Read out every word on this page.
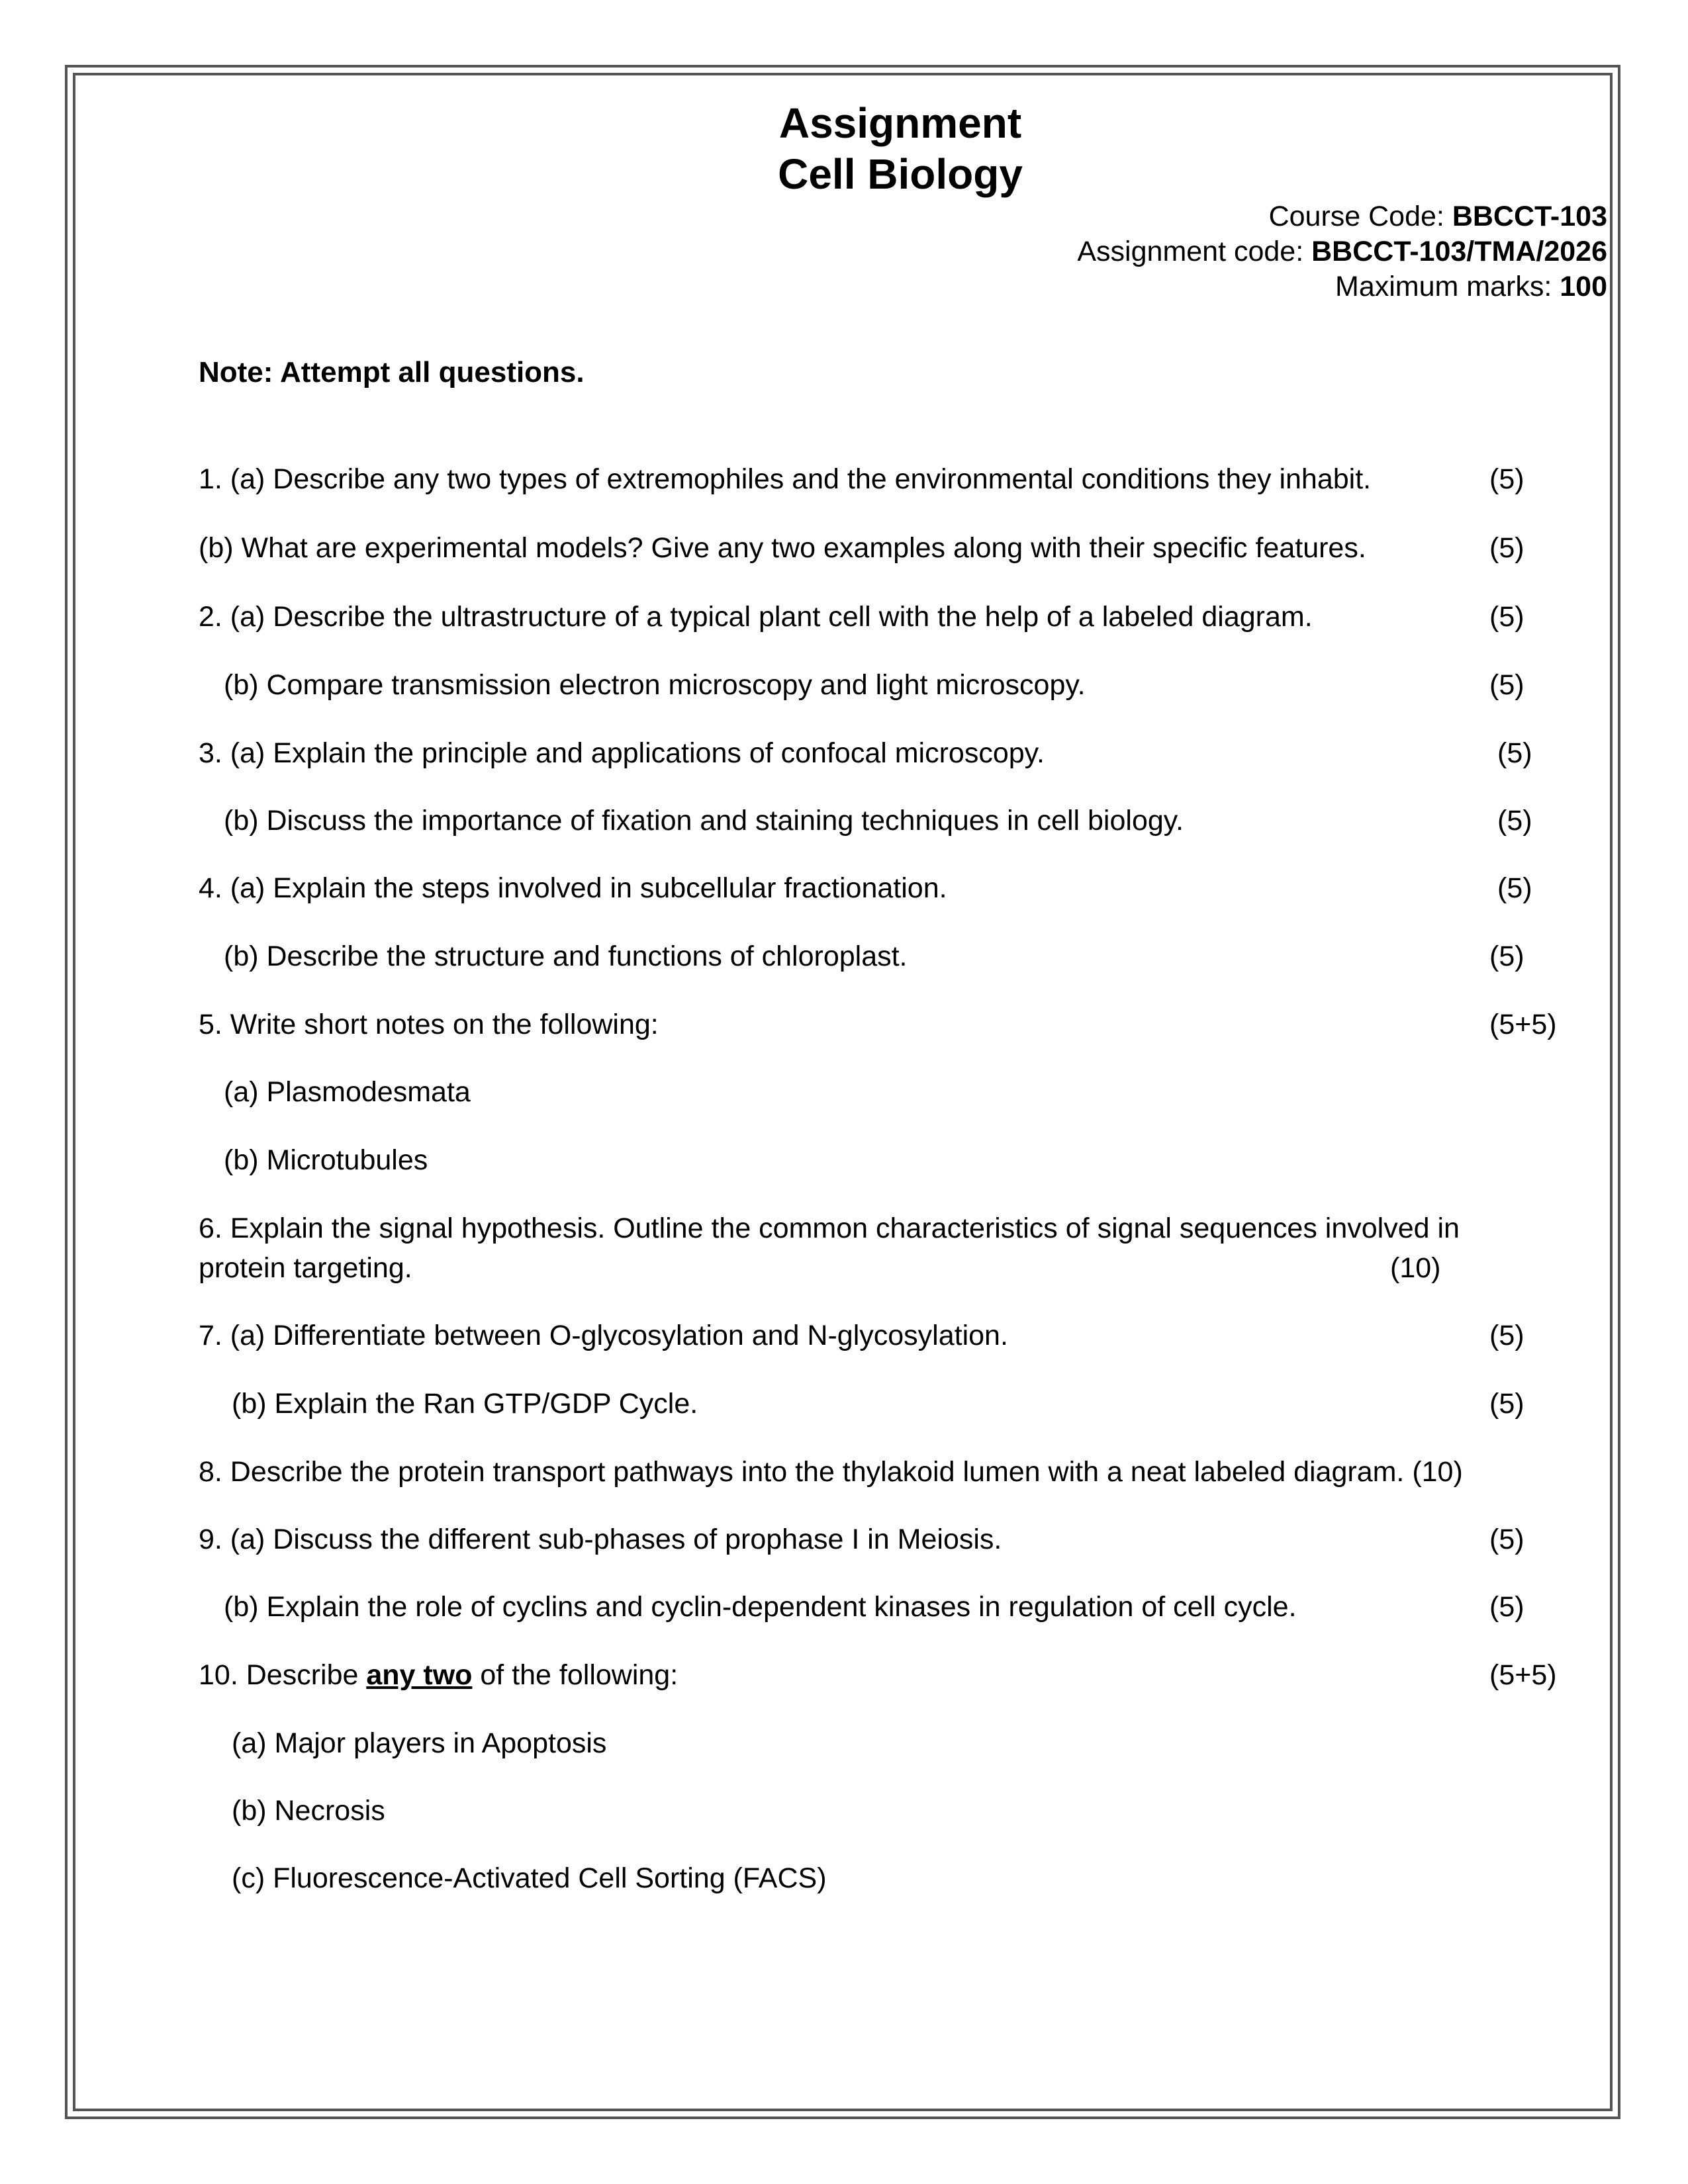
Assignment
Cell Biology
Course Code: BBCCT-103
Assignment code: BBCCT-103/TMA/2026
Maximum marks: 100
Note: Attempt all questions.
1. (a) Describe any two types of extremophiles and the environmental conditions they inhabit.	(5)
(b) What are experimental models? Give any two examples along with their specific features.	(5)
2. (a) Describe the ultrastructure of a typical plant cell with the help of a labeled diagram.	(5)
(b) Compare transmission electron microscopy and light microscopy.	(5)
3. (a) Explain the principle and applications of confocal microscopy.	(5)
(b) Discuss the importance of fixation and staining techniques in cell biology.	(5)
4. (a) Explain the steps involved in subcellular fractionation.	(5)
(b) Describe the structure and functions of chloroplast.	(5)
5. Write short notes on the following:	(5+5)
(a) Plasmodesmata
(b) Microtubules
6. Explain the signal hypothesis. Outline the common characteristics of signal sequences involved in
protein targeting.	(10)
7. (a) Differentiate between O-glycosylation and N-glycosylation.	(5)
(b) Explain the Ran GTP/GDP Cycle.	(5)
8. Describe the protein transport pathways into the thylakoid lumen with a neat labeled diagram. (10)
9. (a) Discuss the different sub-phases of prophase I in Meiosis.	(5)
(b) Explain the role of cyclins and cyclin-dependent kinases in regulation of cell cycle.	(5)
10. Describe any two of the following:	(5+5)
(a) Major players in Apoptosis
(b) Necrosis
(c) Fluorescence-Activated Cell Sorting (FACS)
